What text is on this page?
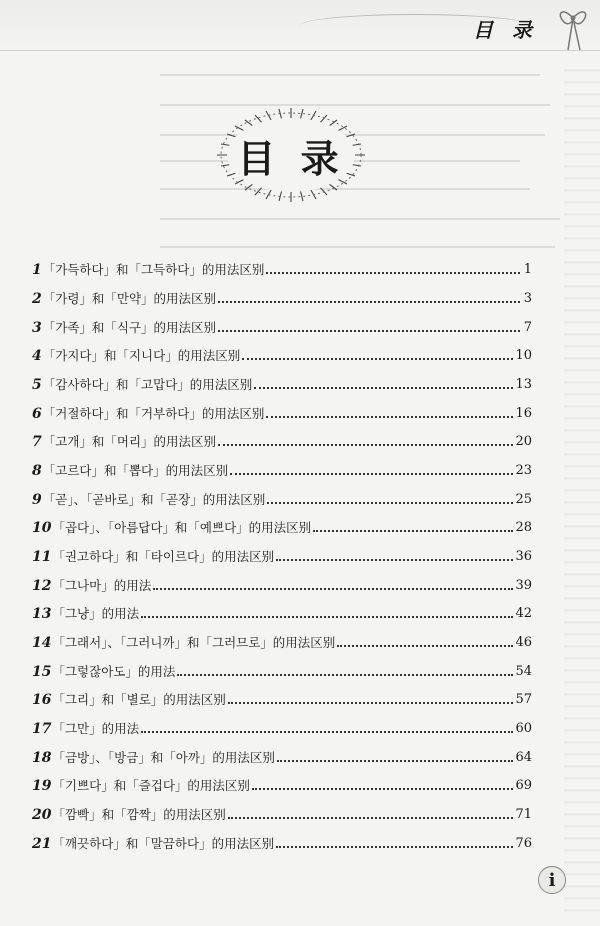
目 录
目 录
1 「가득하다」和「그득하다」的用法区别	1
2 「가령」和「만약」的用法区别	3
3 「가족」和「식구」的用法区别	7
4 「가지다」和「지니다」的用法区别	10
5 「감사하다」和「고맙다」的用法区别	13
6 「거절하다」和「거부하다」的用法区别	16
7 「고개」和「머리」的用法区别	20
8 「고르다」和「뽑다」的用法区别	23
9 「곧」、「곧바로」和「곧장」的用法区别	25
10 「곱다」、「아름답다」和「예쁘다」的用法区别	28
11 「권고하다」和「타이르다」的用法区别	36
12 「그나마」的用法	39
13 「그냥」的用法	42
14 「그래서」、「그러니까」和「그러므로」的用法区别	46
15 「그렇잖아도」的用法	54
16 「그리」和「별로」的用法区别	57
17 「그만」的用法	60
18 「금방」、「방금」和「아까」的用法区别	64
19 「기쁘다」和「즐겁다」的用法区别	69
20 「깜빡」和「깜짝」的用法区别	71
21 「깨끗하다」和「말끔하다」的用法区别	76
i
